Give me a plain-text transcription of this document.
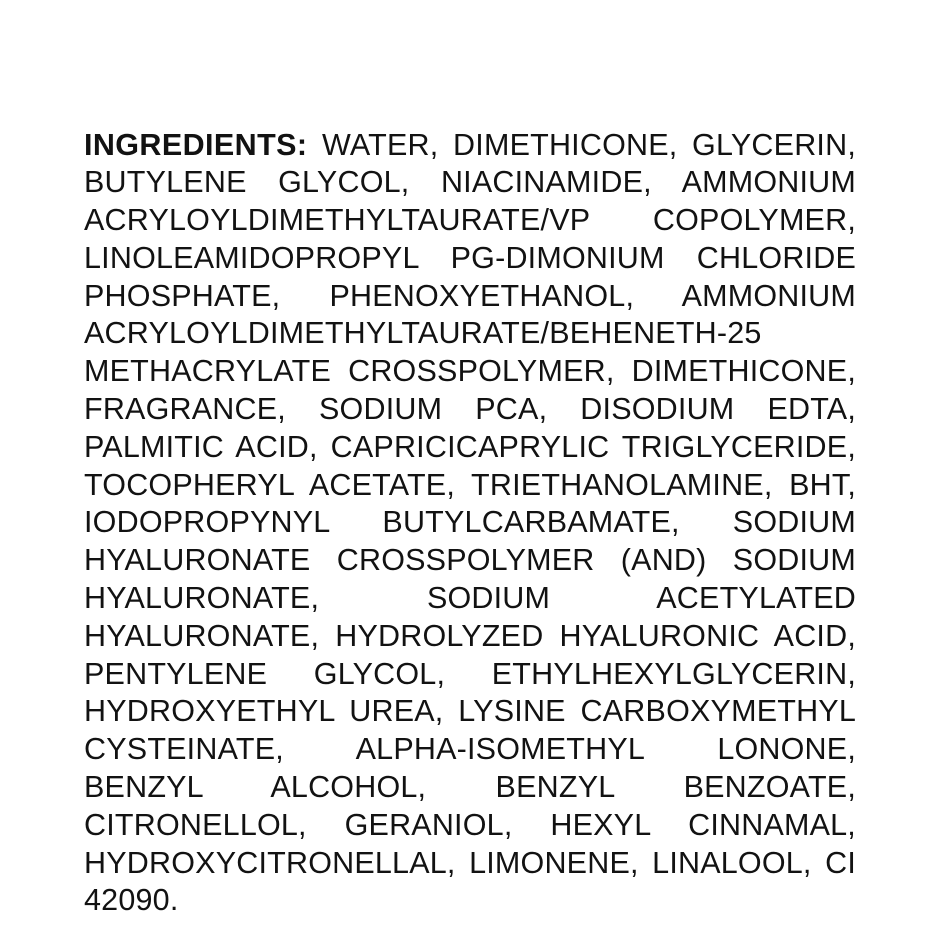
INGREDIENTS: WATER, DIMETHICONE, GLYCERIN, BUTYLENE GLYCOL, NIACINAMIDE, AMMONIUM ACRYLOYLDIMETHYLTAURATE/VP COPOLYMER, LINOLEAMIDOPROPYL PG-DIMONIUM CHLORIDE PHOSPHATE, PHENOXYETHANOL, AMMONIUM ACRYLOYLDIMETHYLTAURATE/BEHENETH-25 METHACRYLATE CROSSPOLYMER, DIMETHICONE, FRAGRANCE, SODIUM PCA, DISODIUM EDTA, PALMITIC ACID, CAPRICICAPRYLIC TRIGLYCERIDE, TOCOPHERYL ACETATE, TRIETHANOLAMINE, BHT, IODOPROPYNYL BUTYLCARBAMATE, SODIUM HYALURONATE CROSSPOLYMER (AND) SODIUM HYALURONATE, SODIUM ACETYLATED HYALURONATE, HYDROLYZED HYALURONIC ACID, PENTYLENE GLYCOL, ETHYLHEXYLGLYCERIN, HYDROXYETHYL UREA, LYSINE CARBOXYMETHYL CYSTEINATE, ALPHA-ISOMETHYL LONONE, BENZYL ALCOHOL, BENZYL BENZOATE, CITRONELLOL, GERANIOL, HEXYL CINNAMAL, HYDROXYCITRONELLAL, LIMONENE, LINALOOL, CI 42090.
